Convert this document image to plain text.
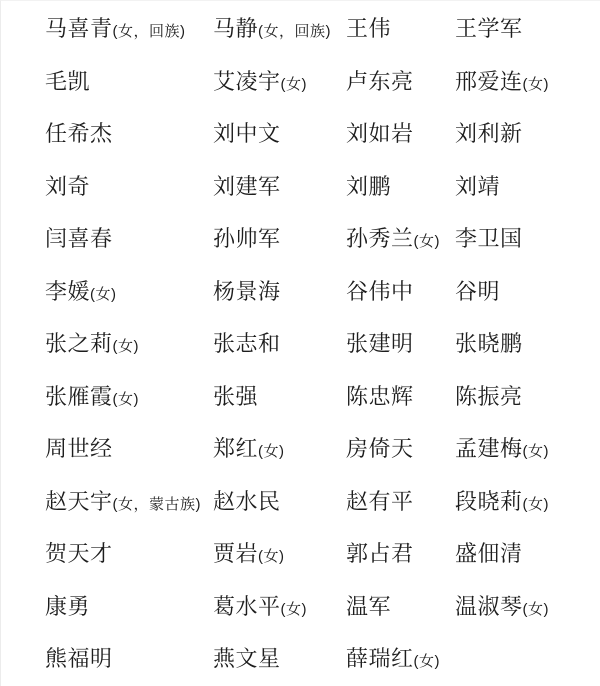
马喜青(女，回族)	马静(女，回族) 王伟	王学军
毛凯	艾凌宇(女)	卢东亮	邢爱连(女)
任希杰	刘中文	刘如岩	刘利新
刘奇	刘建军	刘鹏	刘靖
闫喜春	孙帅军	孙秀兰(女) 李卫国
李媛(女)	杨景海	谷伟中	谷明
张之莉(女)	张志和	张建明	张晓鹏
张雁霞(女)	张强	陈忠辉	陈振亮
周世经	郑红(女)	房倚天	孟建梅(女)
赵天宇(女，蒙古族) 赵水民	赵有平	段晓莉(女)
贺天才	贾岩(女)	郭占君	盛佃清
康勇	葛水平(女)	温军	温淑琴(女)
熊福明	燕文星	薛瑞红(女)
